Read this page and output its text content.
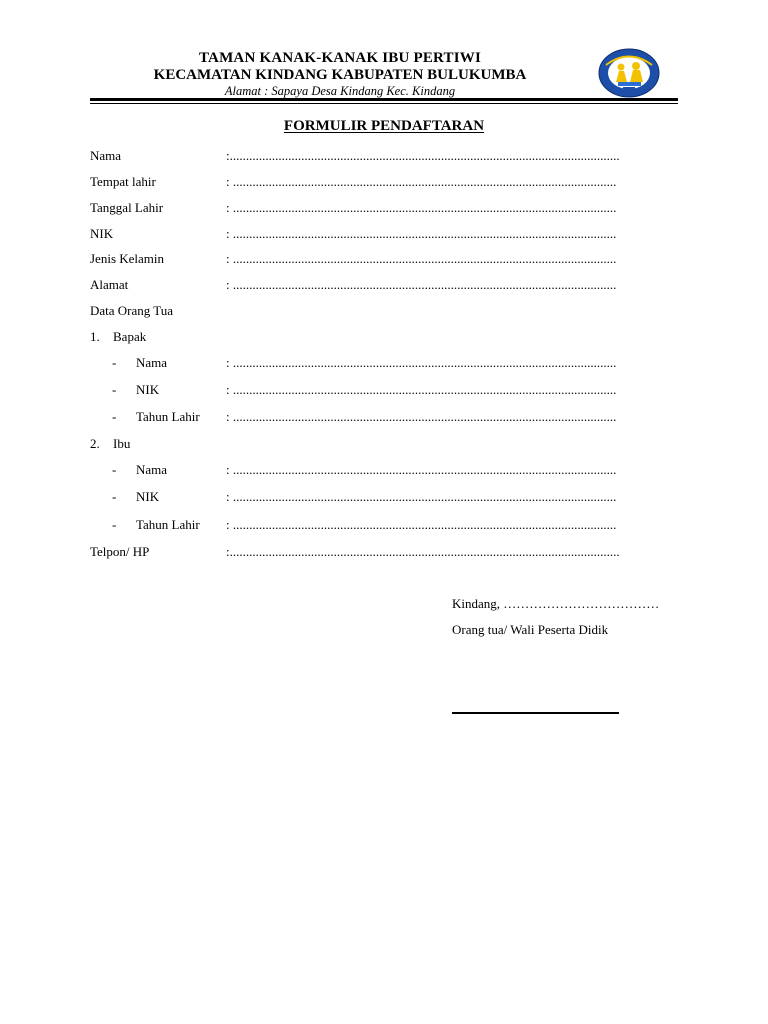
TAMAN KANAK-KANAK IBU PERTIWI
KECAMATAN KINDANG KABUPATEN BULUKUMBA
Alamat : Sapaya Desa Kindang Kec. Kindang
FORMULIR PENDAFTARAN
Nama	:........................................................................................................................
Tempat lahir	: ......................................................................................................................
Tanggal Lahir	: ......................................................................................................................
NIK	: ......................................................................................................................
Jenis Kelamin	: ......................................................................................................................
Alamat	: ......................................................................................................................
Data Orang Tua
1. Bapak
- Nama	: ......................................................................................................................
- NIK	: ......................................................................................................................
- Tahun Lahir : ......................................................................................................................
2. Ibu
- Nama	: ......................................................................................................................
- NIK	: ......................................................................................................................
- Tahun Lahir : ......................................................................................................................
Telpon/ HP	:........................................................................................................................
Kindang, ………………………………
Orang tua/ Wali Peserta Didik
